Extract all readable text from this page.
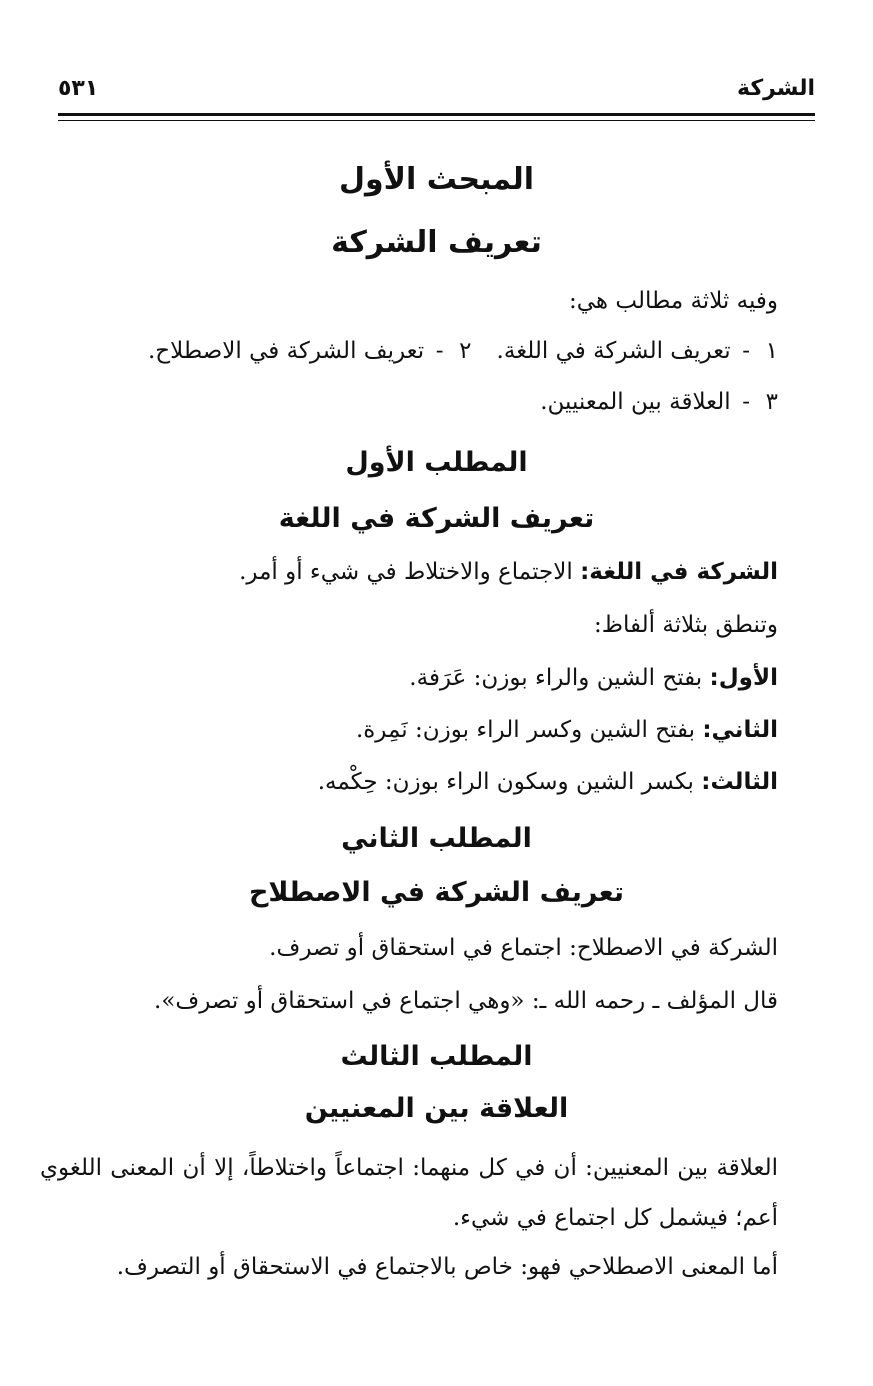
الشركة
٥٣١
المبحث الأول
تعريف الشركة
وفيه ثلاثة مطالب هي:
١- تعريف الشركة في اللغة.
٢- تعريف الشركة في الاصطلاح.
٣- العلاقة بين المعنيين.
المطلب الأول
تعريف الشركة في اللغة
الشركة في اللغة: الاجتماع والاختلاط في شيء أو أمر.
وتنطق بثلاثة ألفاظ:
الأول: بفتح الشين والراء بوزن: عَرَفة.
الثاني: بفتح الشين وكسر الراء بوزن: نَمِرة.
الثالث: بكسر الشين وسكون الراء بوزن: حِكْمه.
المطلب الثاني
تعريف الشركة في الاصطلاح
الشركة في الاصطلاح: اجتماع في استحقاق أو تصرف.
قال المؤلف ـ رحمه الله ـ: «وهي اجتماع في استحقاق أو تصرف».
المطلب الثالث
العلاقة بين المعنيين
العلاقة بين المعنيين: أن في كل منهما: اجتماعاً واختلاطاً، إلا أن المعنى اللغوي أعم؛ فيشمل كل اجتماع في شيء.
أما المعنى الاصطلاحي فهو: خاص بالاجتماع في الاستحقاق أو التصرف.
